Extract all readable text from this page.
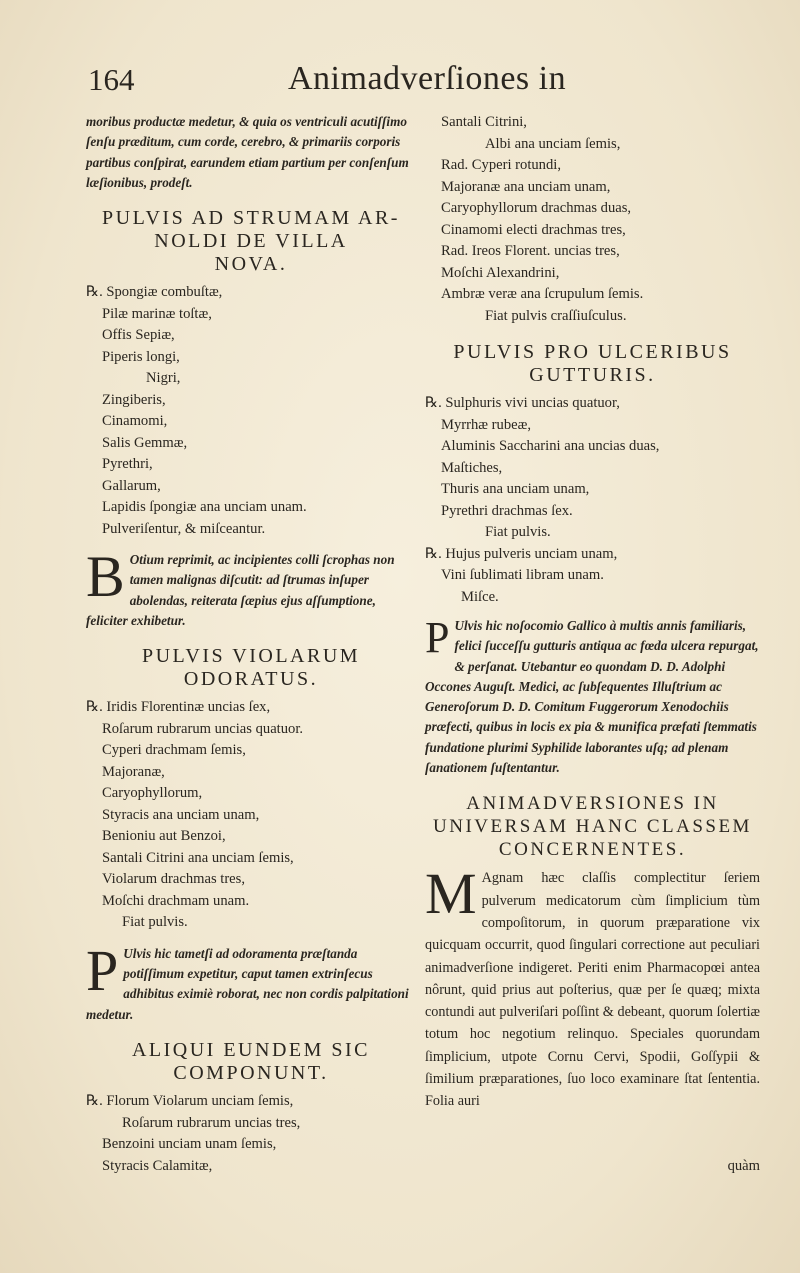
164	Animadverſiones in

moribus productæ medetur, & quia os ventriculi acutiſſimo ſenſu præditum, cum corde, cerebro, & primariis corporis partibus conſpirat, earundem etiam partium per conſenſum læſionibus, prodeſt.

PULVIS AD STRUMAM AR-
NOLDI DE VILLA
NOVA.
℞. Spongiæ combuſtæ,
Pilæ marinæ toſtæ,
Offis Sepiæ,
Piperis longi,
Nigri,
Zingiberis,
Cinamomi,
Salis Gemmæ,
Pyrethri,
Gallarum,
Lapidis ſpongiæ ana unciam unam.
Pulveriſentur, & miſceantur.

B Otium reprimit, ac incipientes colli ſcrophas non tamen malignas diſcutit: ad ſtrumas inſuper abolendas, reiterata ſæpius ejus aſſumptione, feliciter exhibetur.

PULVIS VIOLARUM
ODORATUS.
℞. Iridis Florentinæ uncias ſex,
Roſarum rubrarum uncias quatuor.
Cyperi drachmam ſemis,
Majoranæ,
Caryophyllorum,
Styracis ana unciam unam,
Benioniu aut Benzoi,
Santali Citrini ana unciam ſemis,
Violarum drachmas tres,
Moſchi drachmam unam.
Fiat pulvis.

P Ulvis hic tametſi ad odoramenta præſtanda potiſſimum expetitur, caput tamen extrinſecus adhibitus eximiè roborat, nec non cordis palpitationi medetur.

ALIQUI EUNDEM SIC
COMPONUNT.
℞. Florum Violarum unciam ſemis,
Roſarum rubrarum uncias tres,
Benzoini unciam unam ſemis,
Styracis Calamitæ,
Santali Citrini,
Albi ana unciam ſemis,
Rad. Cyperi rotundi,
Majoranæ ana unciam unam,
Caryophyllorum drachmas duas,
Cinamomi electi drachmas tres,
Rad. Ireos Florent. uncias tres,
Moſchi Alexandrini,
Ambræ veræ ana ſcrupulum ſemis.
Fiat pulvis craſſiuſculus.
PULVIS PRO ULCERIBUS
GUTTURIS.
℞. Sulphuris vivi uncias quatuor,
Myrrhæ rubeæ,
Aluminis Saccharini ana uncias duas,
Maſtiches,
Thuris ana unciam unam,
Pyrethri drachmas ſex.
Fiat pulvis.
℞. Hujus pulveris unciam unam,
Vini ſublimati libram unam.
Miſce.

P Ulvis hic noſocomio Gallico à multis annis familiaris, felici ſucceſſu gutturis antiqua ac fœda ulcera repurgat, & perſanat. Utebantur eo quondam D. D. Adolphi Occones Auguſt. Medici, ac ſubſequentes Illuſtrium ac Generoſorum D. D. Comitum Fuggerorum Xenodochiis præfecti, quibus in locis ex pia & munifica præfati ſtemmatis fundatione plurimi Syphilide laborantes uſq; ad plenam ſanationem ſuſtentantur.

ANIMADVERSIONES IN
UNIVERSAM HANC CLASSEM
CONCERNENTES.

M Agnam hæc claſſis complectitur ſeriem pulverum medicatorum cùm ſimplicium tùm compoſitorum, in quorum præparatione vix quicquam occurrit, quod ſingulari correctione aut peculiari animadverſione indigeret. Periti enim Pharmacopœi antea nôrunt, quid prius aut poſterius, quæ per ſe quæq; mixta contundi aut pulveriſari poſſint & debeant, quorum ſolertiæ totum hoc negotium relinquo. Speciales quorundam ſimplicium, utpote Cornu Cervi, Spodii, Goſſypii & ſimilium præparationes, ſuo loco examinare ſtat ſententia. Folia auri

quàm
